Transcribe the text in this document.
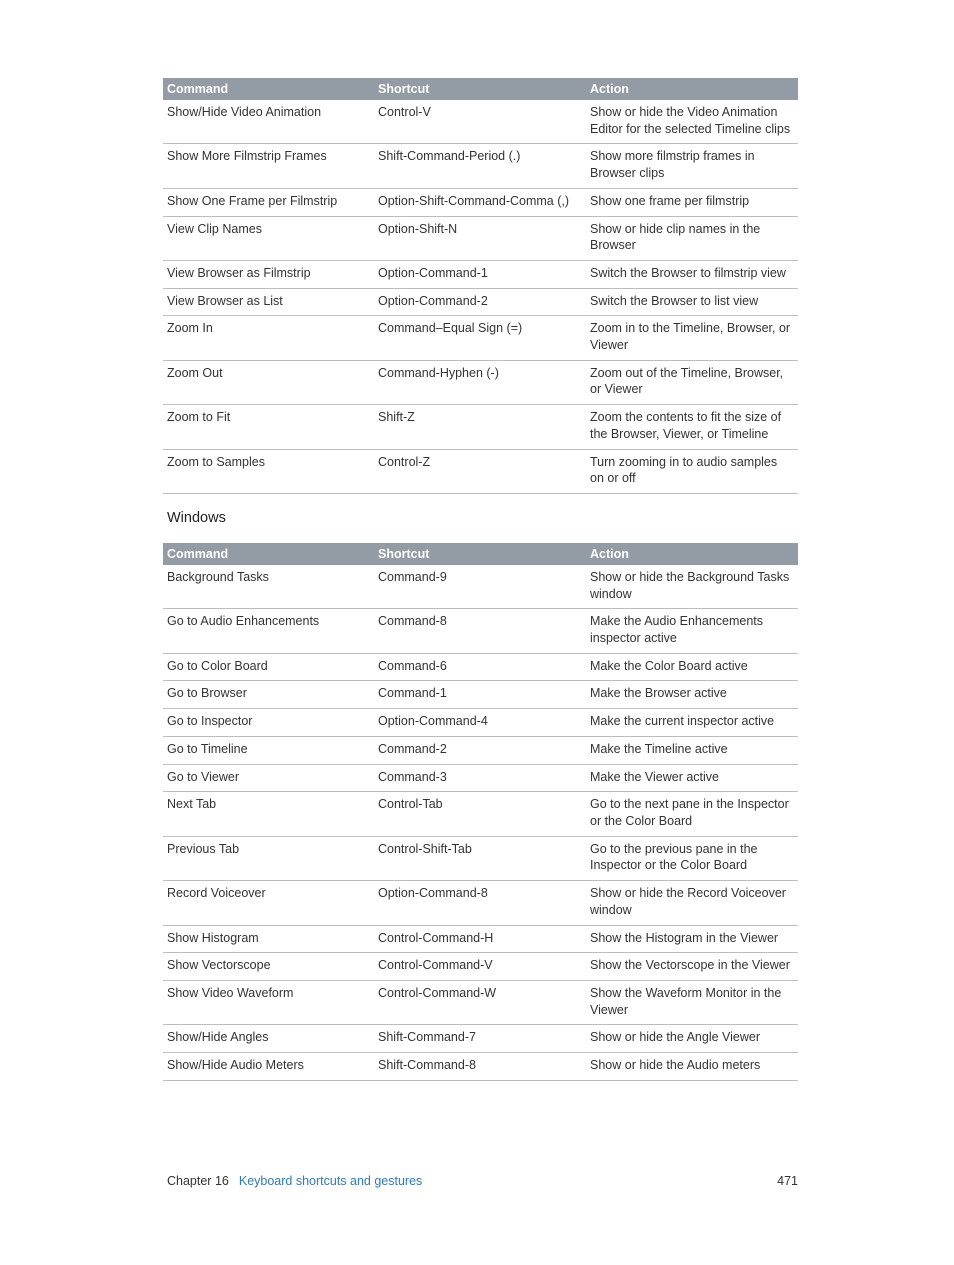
Command	Shortcut	Action
Show/Hide Video Animation	Control-V	Show or hide the Video Animation Editor for the selected Timeline clips
Show More Filmstrip Frames	Shift-Command-Period (.)	Show more filmstrip frames in Browser clips
Show One Frame per Filmstrip	Option-Shift-Command-Comma (,)	Show one frame per filmstrip
View Clip Names	Option-Shift-N	Show or hide clip names in the Browser
View Browser as Filmstrip	Option-Command-1	Switch the Browser to filmstrip view
View Browser as List	Option-Command-2	Switch the Browser to list view
Zoom In	Command–Equal Sign (=)	Zoom in to the Timeline, Browser, or Viewer
Zoom Out	Command-Hyphen (-)	Zoom out of the Timeline, Browser, or Viewer
Zoom to Fit	Shift-Z	Zoom the contents to fit the size of the Browser, Viewer, or Timeline
Zoom to Samples	Control-Z	Turn zooming in to audio samples on or off
Windows
Command	Shortcut	Action
Background Tasks	Command-9	Show or hide the Background Tasks window
Go to Audio Enhancements	Command-8	Make the Audio Enhancements inspector active
Go to Color Board	Command-6	Make the Color Board active
Go to Browser	Command-1	Make the Browser active
Go to Inspector	Option-Command-4	Make the current inspector active
Go to Timeline	Command-2	Make the Timeline active
Go to Viewer	Command-3	Make the Viewer active
Next Tab	Control-Tab	Go to the next pane in the Inspector or the Color Board
Previous Tab	Control-Shift-Tab	Go to the previous pane in the Inspector or the Color Board
Record Voiceover	Option-Command-8	Show or hide the Record Voiceover window
Show Histogram	Control-Command-H	Show the Histogram in the Viewer
Show Vectorscope	Control-Command-V	Show the Vectorscope in the Viewer
Show Video Waveform	Control-Command-W	Show the Waveform Monitor in the Viewer
Show/Hide Angles	Shift-Command-7	Show or hide the Angle Viewer
Show/Hide Audio Meters	Shift-Command-8	Show or hide the Audio meters
Chapter 16 Keyboard shortcuts and gestures	471
